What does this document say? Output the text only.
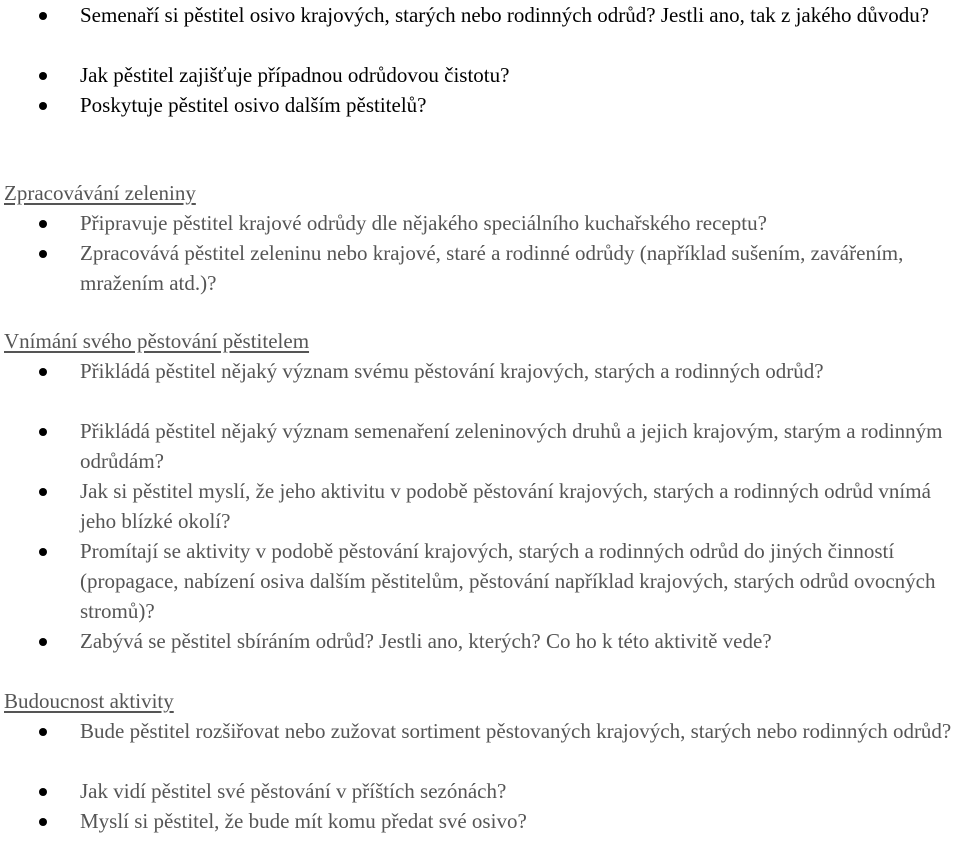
Semenaří si pěstitel osivo krajových, starých nebo rodinných odrůd? Jestli ano, tak z jakého důvodu?

Jak pěstitel zajišťuje případnou odrůdovou čistotu?

Poskytuje pěstitel osivo dalším pěstitelů?

Zpracovávání zeleniny

Připravuje pěstitel krajové odrůdy dle nějakého speciálního kuchařského receptu?

Zpracovává pěstitel zeleninu nebo krajové, staré a rodinné odrůdy (například sušením, zavářením, mražením atd.)?

Vnímání svého pěstování pěstitelem

Přikládá pěstitel nějaký význam svému pěstování krajových, starých a rodinných odrůd?

Přikládá pěstitel nějaký význam semenaření zeleninových druhů a jejich krajovým, starým a rodinným odrůdám?

Jak si pěstitel myslí, že jeho aktivitu v podobě pěstování krajových, starých a rodinných odrůd vnímá jeho blízké okolí?

Promítají se aktivity v podobě pěstování krajových, starých a rodinných odrůd do jiných činností (propagace, nabízení osiva dalším pěstitelům, pěstování například krajových, starých odrůd ovocných stromů)?

Zabývá se pěstitel sbíráním odrůd? Jestli ano, kterých? Co ho k této aktivitě vede?

Budoucnost aktivity

Bude pěstitel rozšiřovat nebo zužovat sortiment pěstovaných krajových, starých nebo rodinných odrůd?

Jak vidí pěstitel své pěstování v příštích sezónách?

Myslí si pěstitel, že bude mít komu předat své osivo?
